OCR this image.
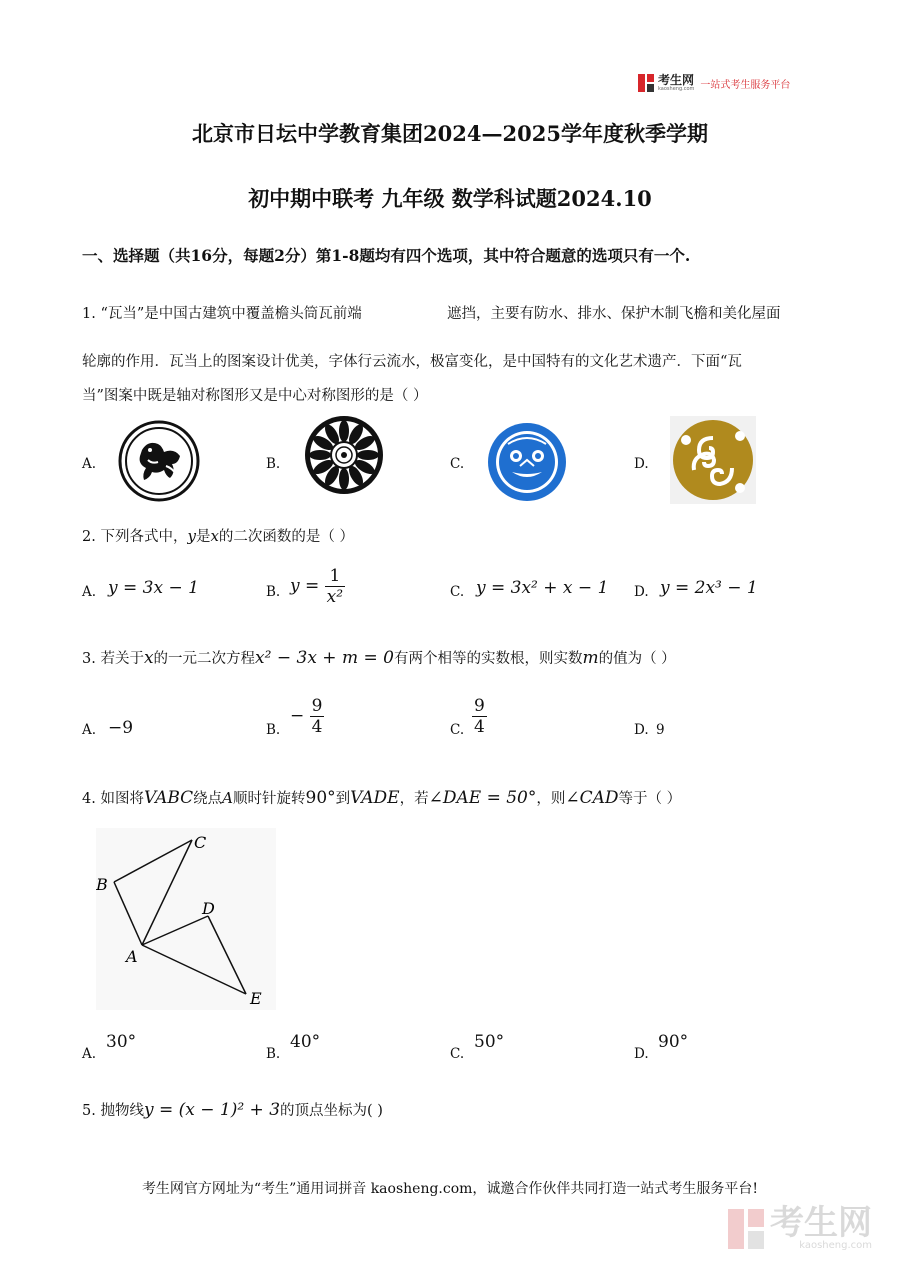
考生网
kaosheng.com 一站式考生服务平台
北京市日坛中学教育集团2024—2025学年度秋季学期
初中期中联考 九年级 数学科试题2024.10
一、选择题（共16分，每题2分）第1-8题均有四个选项，其中符合题意的选项只有一个.
1. “瓦当”是中国古建筑中覆盖檐头筒瓦前端	遮挡，主要有防水、排水、保护木制飞檐和美化屋面
轮廓的作用．瓦当上的图案设计优美，字体行云流水，极富变化，是中国特有的文化艺术遗产．下面“瓦
当”图案中既是轴对称图形又是中心对称图形的是（ ）
A.	B.	C.	D.
2. 下列各式中，y是x的二次函数的是（ ）
A. y = 3x − 1	B. $y = \frac{1}{\text{x²}}$	C. y = 3x² + x − 1 D. y = 2x³ − 1
3. 若关于x的一元二次方程x² − 3x + m = 0有两个相等的实数根，则实数m的值为（ ）
A. −9	B.
− $\frac{9}{4}$	C. $\frac{9}{4}$	D. 9
4. 如图将VABC绕点A顺时针旋转90°到VADE，若∠DAE = 50°，则∠CAD等于（ ）
C
B
D
A
E
A.
30°
B.
40°
C.
50°
D.
90°
5. 抛物线y = (x − 1)² + 3的顶点坐标为( )
考生网官方网址为“考生”通用词拼音 kaosheng.com，诚邀合作伙伴共同打造一站式考生服务平台!
考生网
kaosheng.com
